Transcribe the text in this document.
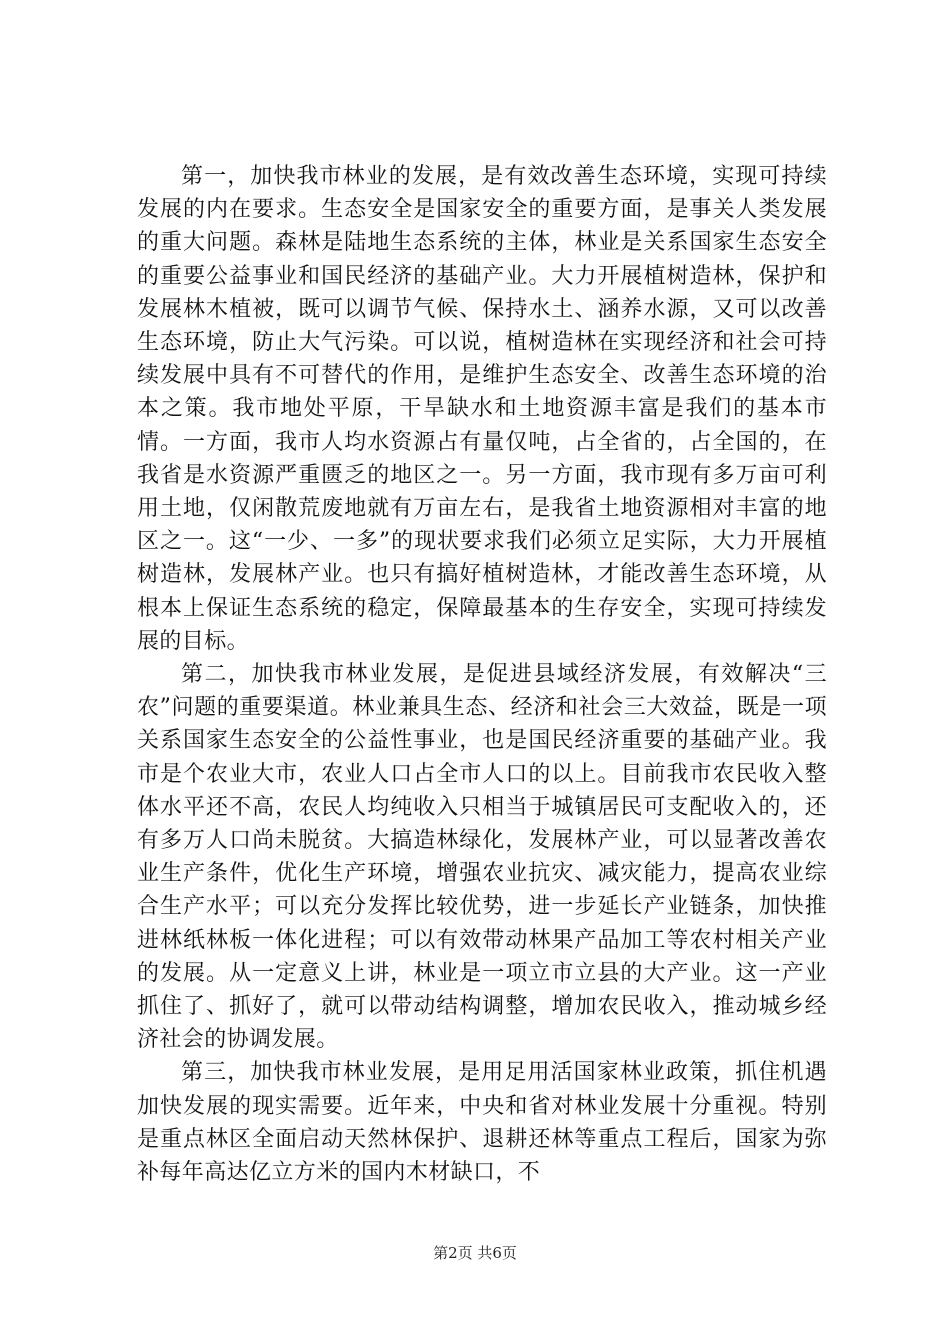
第一，加快我市林业的发展，是有效改善生态环境，实现可持续发展的内在要求。生态安全是国家安全的重要方面，是事关人类发展的重大问题。森林是陆地生态系统的主体，林业是关系国家生态安全的重要公益事业和国民经济的基础产业。大力开展植树造林，保护和发展林木植被，既可以调节气候、保持水土、涵养水源，又可以改善生态环境，防止大气污染。可以说，植树造林在实现经济和社会可持续发展中具有不可替代的作用，是维护生态安全、改善生态环境的治本之策。我市地处平原，干旱缺水和土地资源丰富是我们的基本市情。一方面，我市人均水资源占有量仅吨，占全省的，占全国的，在我省是水资源严重匮乏的地区之一。另一方面，我市现有多万亩可利用土地，仅闲散荒废地就有万亩左右，是我省土地资源相对丰富的地区之一。这“一少、一多”的现状要求我们必须立足实际，大力开展植树造林，发展林产业。也只有搞好植树造林，才能改善生态环境，从根本上保证生态系统的稳定，保障最基本的生存安全，实现可持续发展的目标。

第二，加快我市林业发展，是促进县域经济发展，有效解决“三农”问题的重要渠道。林业兼具生态、经济和社会三大效益，既是一项关系国家生态安全的公益性事业，也是国民经济重要的基础产业。我市是个农业大市，农业人口占全市人口的以上。目前我市农民收入整体水平还不高，农民人均纯收入只相当于城镇居民可支配收入的，还有多万人口尚未脱贫。大搞造林绿化，发展林产业，可以显著改善农业生产条件，优化生产环境，增强农业抗灾、减灾能力，提高农业综合生产水平；可以充分发挥比较优势，进一步延长产业链条，加快推进林纸林板一体化进程；可以有效带动林果产品加工等农村相关产业的发展。从一定意义上讲，林业是一项立市立县的大产业。这一产业抓住了、抓好了，就可以带动结构调整，增加农民收入，推动城乡经济社会的协调发展。

第三，加快我市林业发展，是用足用活国家林业政策，抓住机遇加快发展的现实需要。近年来，中央和省对林业发展十分重视。特别是重点林区全面启动天然林保护、退耕还林等重点工程后，国家为弥补每年高达亿立方米的国内木材缺口，不

第2页 共6页
